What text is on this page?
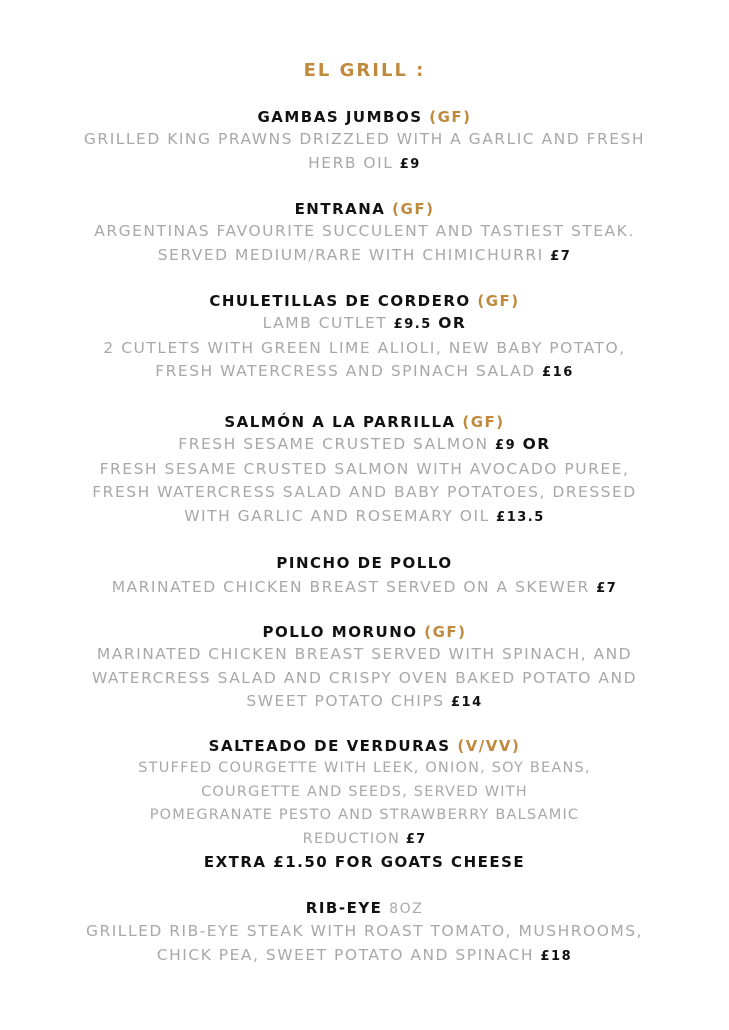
EL GRILL :
GAMBAS JUMBOS (GF)
GRILLED KING PRAWNS DRIZZLED WITH A GARLIC AND FRESH
HERB OIL £9
ENTRANA (GF)
ARGENTINAS FAVOURITE SUCCULENT AND TASTIEST STEAK.
SERVED MEDIUM/RARE WITH CHIMICHURRI £7
CHULETILLAS DE CORDERO (GF)
LAMB CUTLET £9.5 OR
2 CUTLETS WITH GREEN LIME ALIOLI, NEW BABY POTATO,
FRESH WATERCRESS AND SPINACH SALAD £16
SALMÓN A LA PARRILLA (GF)
FRESH SESAME CRUSTED SALMON £9 OR
FRESH SESAME CRUSTED SALMON WITH AVOCADO PUREE,
FRESH WATERCRESS SALAD AND BABY POTATOES, DRESSED
WITH GARLIC AND ROSEMARY OIL £13.5
PINCHO DE POLLO
MARINATED CHICKEN BREAST SERVED ON A SKEWER £7
POLLO MORUNO (GF)
MARINATED CHICKEN BREAST SERVED WITH SPINACH, AND
WATERCRESS SALAD AND CRISPY OVEN BAKED POTATO AND
SWEET POTATO CHIPS £14
SALTEADO DE VERDURAS (V/VV)
STUFFED COURGETTE WITH LEEK, ONION, SOY BEANS,
COURGETTE AND SEEDS, SERVED WITH
POMEGRANATE PESTO AND STRAWBERRY BALSAMIC
REDUCTION £7
EXTRA £1.50 FOR GOATS CHEESE
RIB-EYE 8OZ
GRILLED RIB-EYE STEAK WITH ROAST TOMATO, MUSHROOMS,
CHICK PEA, SWEET POTATO AND SPINACH £18
